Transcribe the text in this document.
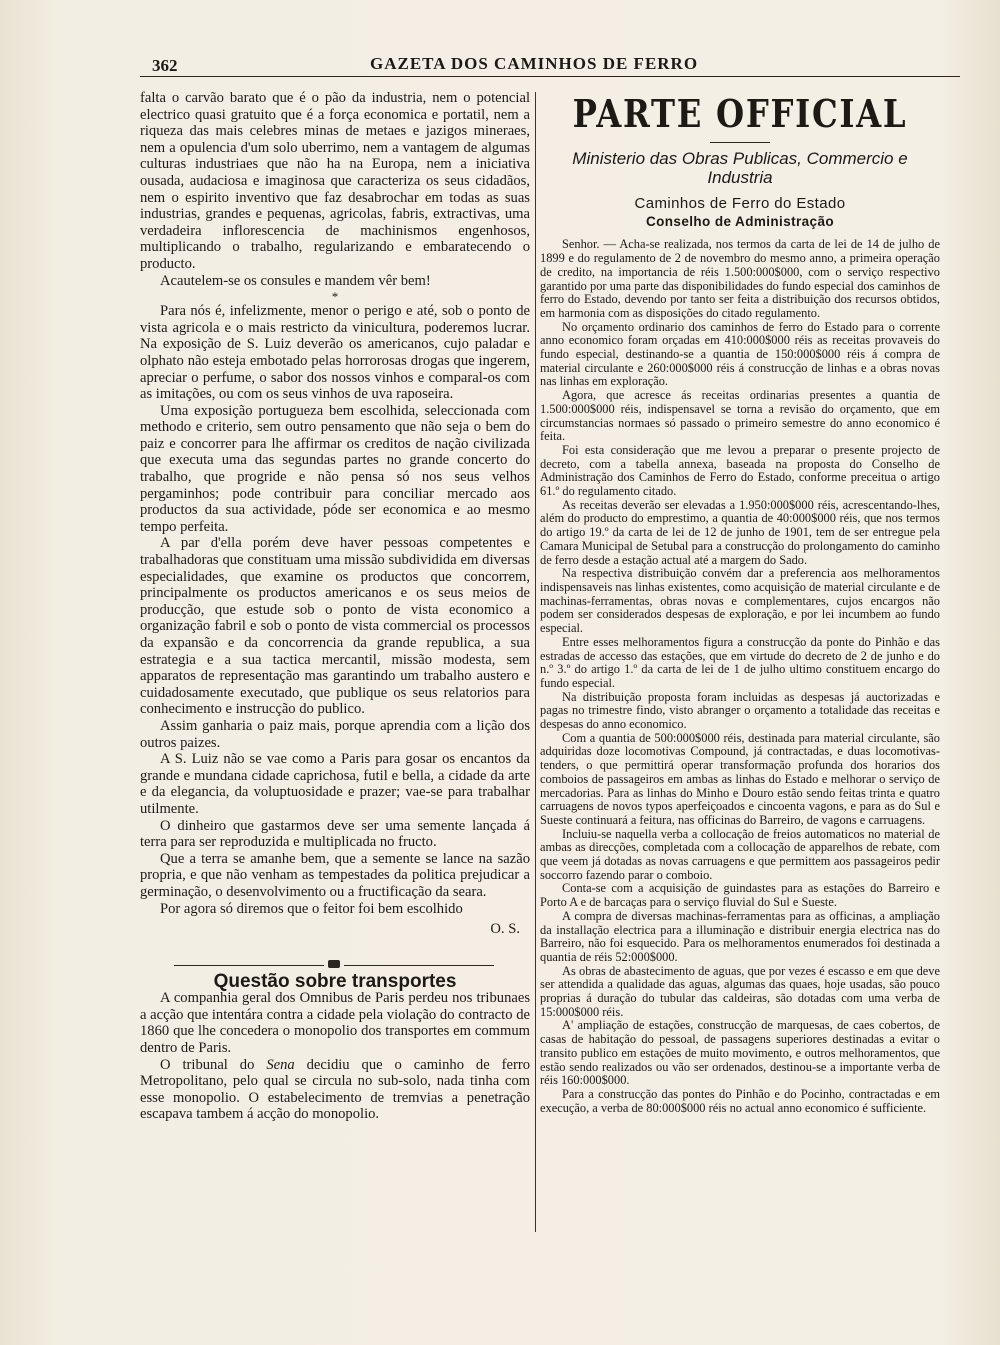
362	GAZETA DOS CAMINHOS DE FERRO

falta o carvão barato que é o pão da industria, nem o potencial electrico quasi gratuito que é a força economica e portatil, nem a riqueza das mais celebres minas de metaes e jazigos mineraes, nem a opulencia d'um solo uberrimo, nem a vantagem de algumas culturas industriaes que não ha na Europa, nem a iniciativa ousada, audaciosa e imaginosa que caracteriza os seus cidadãos, nem o espirito inventivo que faz desabrochar em todas as suas industrias, grandes e pequenas, agricolas, fabris, extractivas, uma verdadeira inflorescencia de machinismos engenhosos, multiplicando o trabalho, regularizando e embaratecendo o producto.

Acautelem-se os consules e mandem vêr bem!

*

Para nós é, infelizmente, menor o perigo e até, sob o ponto de vista agricola e o mais restricto da vinicultura, poderemos lucrar. Na exposição de S. Luiz deverão os americanos, cujo paladar e olphato não esteja embotado pelas horrorosas drogas que ingerem, apreciar o perfume, o sabor dos nossos vinhos e comparal-os com as imitações, ou com os seus vinhos de uva raposeira.

Uma exposição portugueza bem escolhida, seleccionada com methodo e criterio, sem outro pensamento que não seja o bem do paiz e concorrer para lhe affirmar os creditos de nação civilizada que executa uma das segundas partes no grande concerto do trabalho, que progride e não pensa só nos seus velhos pergaminhos; pode contribuir para conciliar mercado aos productos da sua actividade, póde ser economica e ao mesmo tempo perfeita.

A par d'ella porém deve haver pessoas competentes e trabalhadoras que constituam uma missão subdividida em diversas especialidades, que examine os productos que concorrem, principalmente os productos americanos e os seus meios de producção, que estude sob o ponto de vista economico a organização fabril e sob o ponto de vista commercial os processos da expansão e da concorrencia da grande republica, a sua estrategia e a sua tactica mercantil, missão modesta, sem apparatos de representação mas garantindo um trabalho austero e cuidadosamente executado, que publique os seus relatorios para conhecimento e instrucção do publico.

Assim ganharia o paiz mais, porque aprendia com a lição dos outros paizes.

A S. Luiz não se vae como a Paris para gosar os encantos da grande e mundana cidade caprichosa, futil e bella, a cidade da arte e da elegancia, da voluptuosidade e prazer; vae-se para trabalhar utilmente.

O dinheiro que gastarmos deve ser uma semente lançada á terra para ser reproduzida e multiplicada no fructo.

Que a terra se amanhe bem, que a semente se lance na sazão propria, e que não venham as tempestades da politica prejudicar a germinação, o desenvolvimento ou a fructificação da seara.

Por agora só diremos que o feitor foi bem escolhido

O. S.

Questão sobre transportes

A companhia geral dos Omnibus de Paris perdeu nos tribunaes a acção que intentára contra a cidade pela violação do contracto de 1860 que lhe concedera o monopolio dos transportes em commum dentro de Paris.

O tribunal do Sena decidiu que o caminho de ferro Metropolitano, pelo qual se circula no sub-solo, nada tinha com esse monopolio. O estabelecimento de tremvias a penetração escapava tambem á acção do monopolio.

PARTE OFFICIAL
Ministerio das Obras Publicas, Commercio e Industria
Caminhos de Ferro do Estado
Conselho de Administração

Senhor. — Acha-se realizada, nos termos da carta de lei de 14 de julho de 1899 e do regulamento de 2 de novembro do mesmo anno, a primeira operação de credito, na importancia de réis 1.500:000$000, com o serviço respectivo garantido por uma parte das disponibilidades do fundo especial dos caminhos de ferro do Estado, devendo por tanto ser feita a distribuição dos recursos obtidos, em harmonia com as disposições do citado regulamento.

No orçamento ordinario dos caminhos de ferro do Estado para o corrente anno economico foram orçadas em 410:000$000 réis as receitas provaveis do fundo especial, destinando-se a quantia de 150:000$000 réis á compra de material circulante e 260:000$000 réis á construcção de linhas e a obras novas nas linhas em exploração.

Agora, que acresce ás receitas ordinarias presentes a quantia de 1.500:000$000 réis, indispensavel se torna a revisão do orçamento, que em circumstancias normaes só passado o primeiro semestre do anno economico é feita.

Foi esta consideração que me levou a preparar o presente projecto de decreto, com a tabella annexa, baseada na proposta do Conselho de Administração dos Caminhos de Ferro do Estado, conforme preceitua o artigo 61.º do regulamento citado.

As receitas deverão ser elevadas a 1.950:000$000 réis, acrescentando-lhes, além do producto do emprestimo, a quantia de 40:000$000 réis, que nos termos do artigo 19.º da carta de lei de 12 de junho de 1901, tem de ser entregue pela Camara Municipal de Setubal para a construcção do prolongamento do caminho de ferro desde a estação actual até a margem do Sado.

Na respectiva distribuição convém dar a preferencia aos melhoramentos indispensaveis nas linhas existentes, como acquisição de material circulante e de machinas-ferramentas, obras novas e complementares, cujos encargos não podem ser considerados despesas de exploração, e por lei incumbem ao fundo especial.

Entre esses melhoramentos figura a construcção da ponte do Pinhão e das estradas de accesso das estações, que em virtude do decreto de 2 de junho e do n.º 3.º do artigo 1.º da carta de lei de 1 de julho ultimo constituem encargo do fundo especial.

Na distribuição proposta foram incluidas as despesas já auctorizadas e pagas no trimestre findo, visto abranger o orçamento a totalidade das receitas e despesas do anno economico.

Com a quantia de 500:000$000 réis, destinada para material circulante, são adquiridas doze locomotivas Compound, já contractadas, e duas locomotivas-tenders, o que permittirá operar transformação profunda dos horarios dos comboios de passageiros em ambas as linhas do Estado e melhorar o serviço de mercadorias. Para as linhas do Minho e Douro estão sendo feitas trinta e quatro carruagens de novos typos aperfeiçoados e cincoenta vagons, e para as do Sul e Sueste continuará a feitura, nas officinas do Barreiro, de vagons e carruagens.

Incluiu-se naquella verba a collocação de freios automaticos no material de ambas as direcções, completada com a collocação de apparelhos de rebate, com que veem já dotadas as novas carruagens e que permittem aos passageiros pedir soccorro fazendo parar o comboio.

Conta-se com a acquisição de guindastes para as estações do Barreiro e Porto A e de barcaças para o serviço fluvial do Sul e Sueste.

A compra de diversas machinas-ferramentas para as officinas, a ampliação da installação electrica para a illuminação e distribuir energia electrica nas do Barreiro, não foi esquecido. Para os melhoramentos enumerados foi destinada a quantia de réis 52:000$000.

As obras de abastecimento de aguas, que por vezes é escasso e em que deve ser attendida a qualidade das aguas, algumas das quaes, hoje usadas, são pouco proprias á duração do tubular das caldeiras, são dotadas com uma verba de 15:000$000 réis.

A' ampliação de estações, construcção de marquesas, de caes cobertos, de casas de habitação do pessoal, de passagens superiores destinadas a evitar o transito publico em estações de muito movimento, e outros melhoramentos, que estão sendo realizados ou vão ser ordenados, destinou-se a importante verba de réis 160:000$000.

Para a construcção das pontes do Pinhão e do Pocinho, contractadas e em execução, a verba de 80:000$000 réis no actual anno economico é sufficiente.
